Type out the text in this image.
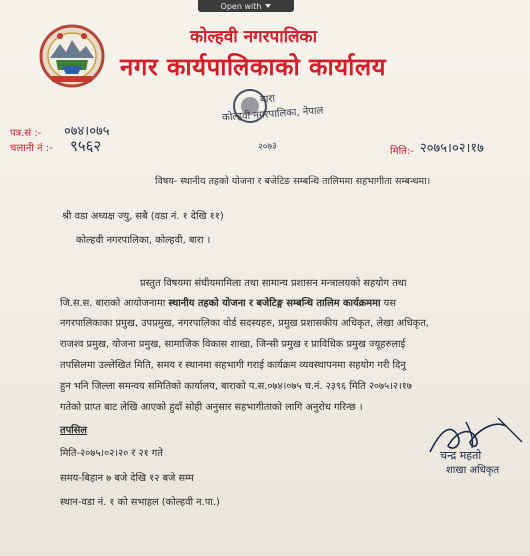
Open with
कोल्हवी नगरपालिका
नगर कार्यपालिकाको कार्यालय
बारा
कोल्हवी नगरपालिका, नेपाल
२०७३
पत्र.सं :- ०७४।०७५
चलानी नं :- ९५६२	मिति:- २०७५।०२।१७
विषय- स्थानीय तहको योजना र बजेटिङ सम्बन्धि तालिममा सहभागीता सम्बन्धमा।
श्री वडा अध्यक्ष ज्यु, सबै (वडा नं. १ देखि ११)
कोल्हवी नगरपालिका, कोल्हवी, बारा ।
प्रस्तुत विषयमा संघीयमामिला तथा सामान्य प्रशासन मन्त्रालयको सहयोग तथा
जि.स.स. बाराको आयोजनामा स्थानीय तहको योजना र बजेटिङ्ग सम्बन्धि तालिम कार्यक्रममा यस
नगरपालिकाका प्रमुख, उपप्रमुख, नगरपालिका वोर्ड सदस्यहरु, प्रमुख प्रशासकीय अधिकृत, लेखा अधिकृत,
राजश्व प्रमुख, योजना प्रमुख, सामाजिक विकास शाखा, जिन्सी प्रमुख र प्राविधिक प्रमुख ज्यूहरुलाई
तपसिलमा उल्लेखित मिति, समय र स्थानमा सहभागी गराई कार्यक्रम व्यवस्थापनमा सहयोग गरी दिनु
हुन भनि जिल्ला समन्वय समितिको कार्यालय, बाराको प.स.०७४।०७५ च.नं. २३९६ मिति २०७५।२।१७
गतेको प्राप्त बाट लेखि आएको हुदाँ सोही अनुसार सहभागीताको लागि अनुरोध गरिन्छ ।
तपसिल
मिति-२०७५।०२।२० र २१ गते
समय-बिहान ७ बजे देखि १२ बजे सम्म
स्थान-वडा नं. १ को सभाहल (कोल्हवी न.पा.)
चन्द्र महतो
शाखा अधिकृत
